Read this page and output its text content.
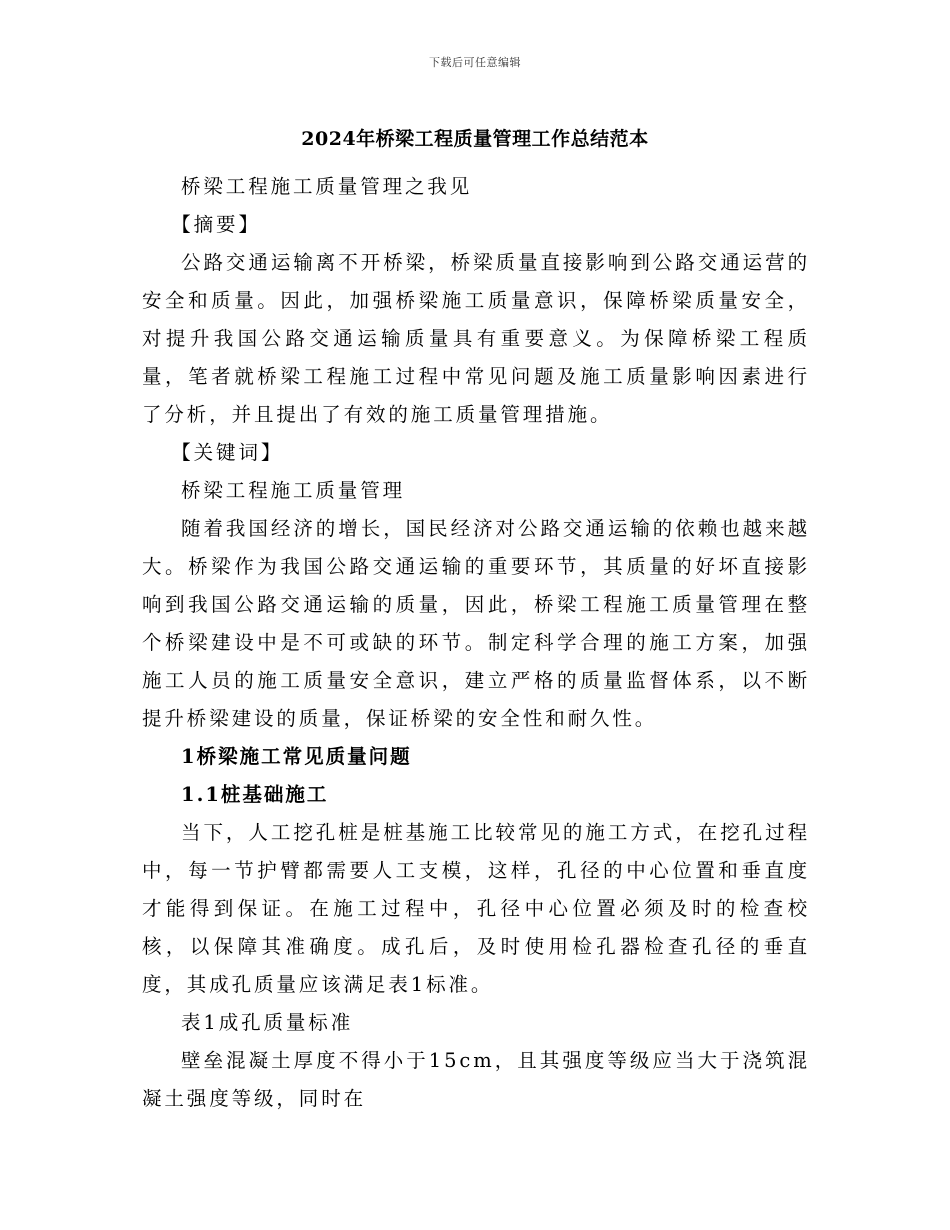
下载后可任意编辑
2024年桥梁工程质量管理工作总结范本

桥梁工程施工质量管理之我见

【摘要】

公路交通运输离不开桥梁，桥梁质量直接影响到公路交通运营的安全和质量。因此，加强桥梁施工质量意识，保障桥梁质量安全，对提升我国公路交通运输质量具有重要意义。为保障桥梁工程质量，笔者就桥梁工程施工过程中常见问题及施工质量影响因素进行了分析，并且提出了有效的施工质量管理措施。

【关键词】

桥梁工程施工质量管理

随着我国经济的增长，国民经济对公路交通运输的依赖也越来越大。桥梁作为我国公路交通运输的重要环节，其质量的好坏直接影响到我国公路交通运输的质量，因此，桥梁工程施工质量管理在整个桥梁建设中是不可或缺的环节。制定科学合理的施工方案，加强施工人员的施工质量安全意识，建立严格的质量监督体系，以不断提升桥梁建设的质量，保证桥梁的安全性和耐久性。

1桥梁施工常见质量问题

1.1桩基础施工

当下，人工挖孔桩是桩基施工比较常见的施工方式，在挖孔过程中，每一节护臂都需要人工支模，这样，孔径的中心位置和垂直度才能得到保证。在施工过程中，孔径中心位置必须及时的检查校核，以保障其准确度。成孔后，及时使用检孔器检查孔径的垂直度，其成孔质量应该满足表1标准。

表1成孔质量标准

壁垒混凝土厚度不得小于15cm，且其强度等级应当大于浇筑混凝土强度等级，同时在
